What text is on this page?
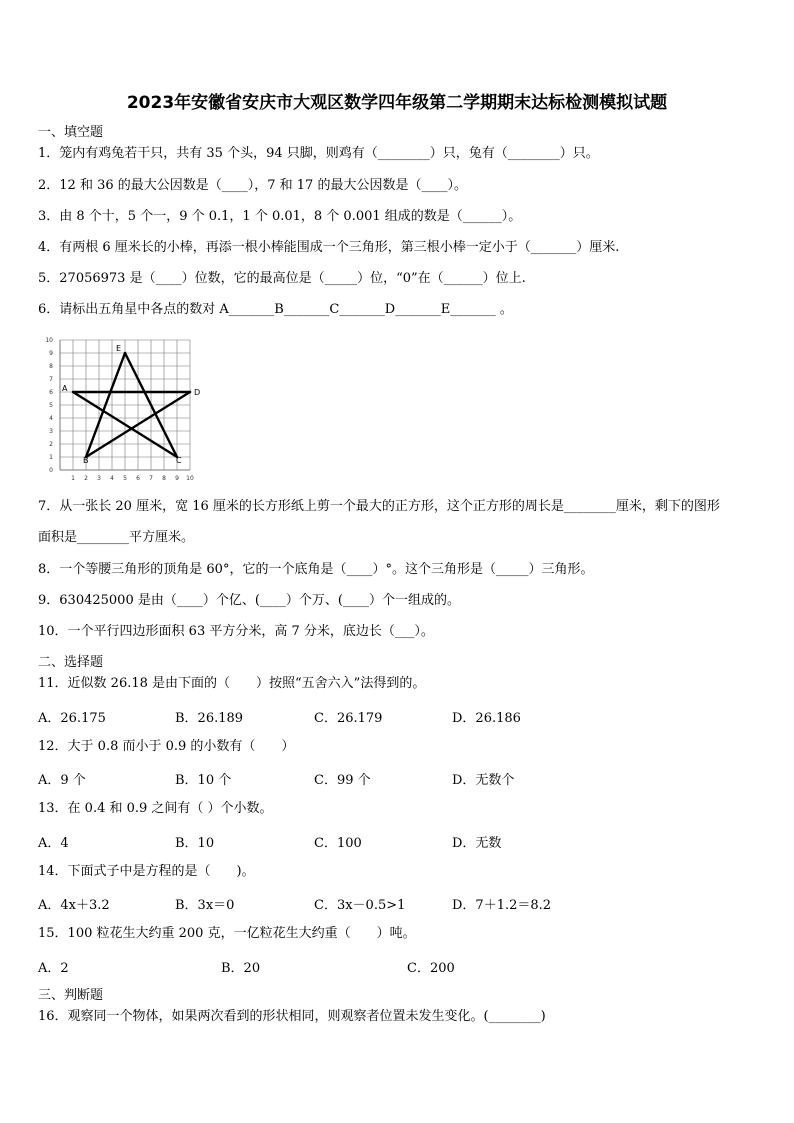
2023年安徽省安庆市大观区数学四年级第二学期期末达标检测模拟试题
一、填空题
1．笼内有鸡兔若干只，共有 35 个头，94 只脚，则鸡有（________）只，兔有（________）只。
2．12 和 36 的最大公因数是（____），7 和 17 的最大公因数是（____）。
3．由 8 个十，5 个一，9 个 0.1，1 个 0.01，8 个 0.001 组成的数是（______）。
4．有两根 6 厘米长的小棒，再添一根小棒能围成一个三角形，第三根小棒一定小于（_______）厘米.
5．27056973 是（____）位数，它的最高位是（_____）位，“0”在（______）位上.
6．请标出五角星中各点的数对 A_______B_______C_______D_______E_______ 。
1 2 3 4 5 6 7 8 9 10
0
1
2
3
4
5
6
7
8
9
10
A
B	C
D
E
7．从一张长 20 厘米，宽 16 厘米的长方形纸上剪一个最大的正方形，这个正方形的周长是________厘米，剩下的图形
面积是________平方厘米。
8．一个等腰三角形的顶角是 60°，它的一个底角是（____）°。这个三角形是（_____）三角形。
9．630425000 是由（____）个亿、(____）个万、(____）个一组成的。
10．一个平行四边形面积 63 平方分米，高 7 分米，底边长（___）。
二、选择题
11．近似数 26.18 是由下面的（　　）按照“五舍六入”法得到的。
A．26.175	B．26.189	C．26.179	D．26.186
12．大于 0.8 而小于 0.9 的小数有（　　）
A．9 个	B．10 个	C．99 个	D．无数个
13．在 0.4 和 0.9 之间有（ ）个小数。
A．4	B．10	C．100	D．无数
14．下面式子中是方程的是（　　)。
A．4x＋3.2	B．3x＝0	C．3x－0.5>1	D．7＋1.2＝8.2
15．100 粒花生大约重 200 克，一亿粒花生大约重（　　）吨。
A．2	B．20	C．200
三、判断题
16．观察同一个物体，如果两次看到的形状相同，则观察者位置未发生变化。(________)
